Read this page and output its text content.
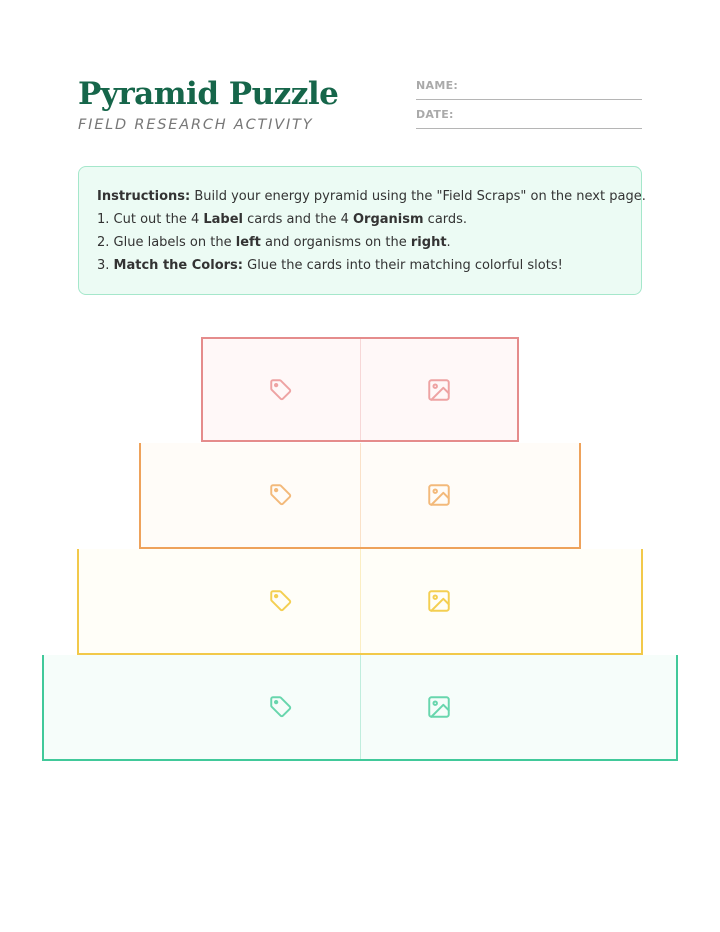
Pyramid Puzzle
FIELD RESEARCH ACTIVITY
NAME:
DATE:

Instructions: Build your energy pyramid using the "Field Scraps" on the next page.

1. Cut out the 4 Label cards and the 4 Organism cards.

2. Glue labels on the left and organisms on the right.

3. Match the Colors: Glue the cards into their matching colorful slots!
